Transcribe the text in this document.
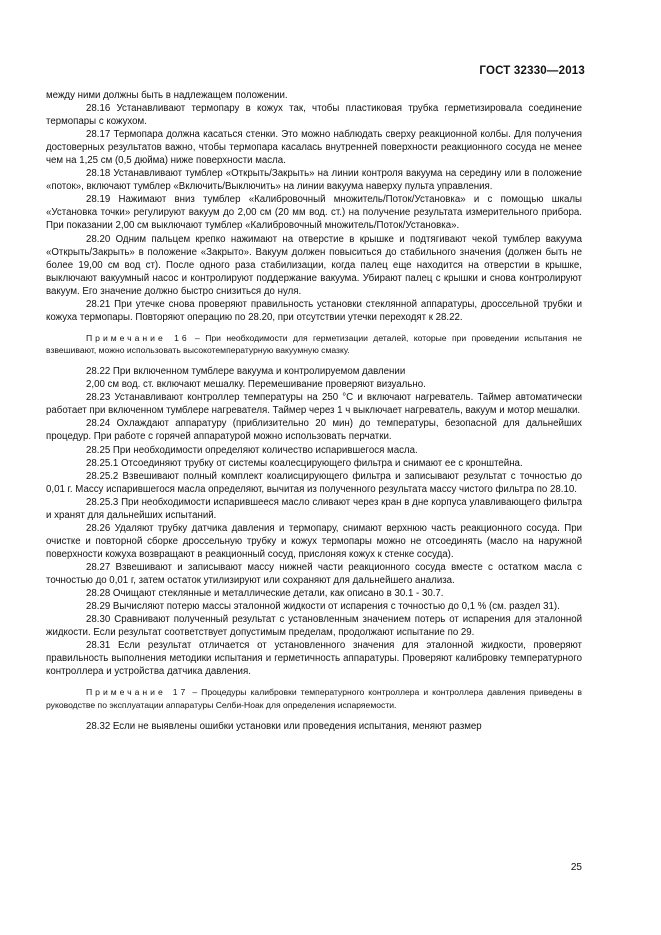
ГОСТ 32330—2013

между ними должны быть в надлежащем положении.

28.16 Устанавливают термопару в кожух так, чтобы пластиковая трубка герметизировала соединение термопары с кожухом.

28.17 Термопара должна касаться стенки. Это можно наблюдать сверху реакционной колбы. Для получения достоверных результатов важно, чтобы термопара касалась внутренней поверхности реакционного сосуда не менее чем на 1,25 см (0,5 дюйма) ниже поверхности масла.

28.18 Устанавливают тумблер «Открыть/Закрыть» на линии контроля вакуума на середину или в положение «поток», включают тумблер «Включить/Выключить» на линии вакуума наверху пульта управления.

28.19 Нажимают вниз тумблер «Калибровочный множитель/Поток/Установка» и с помощью шкалы «Установка точки» регулируют вакуум до 2,00 см (20 мм вод. ст.) на получение результата измерительного прибора. При показании 2,00 см выключают тумблер «Калибровочный множитель/Поток/Установка».

28.20 Одним пальцем крепко нажимают на отверстие в крышке и подтягивают чекой тумблер вакуума «Открыть/Закрыть» в положение «Закрыто». Вакуум должен повыситься до стабильного значения (должен быть не более 19,00 см вод ст). После одного раза стабилизации, когда палец еще находится на отверстии в крышке, выключают вакуумный насос и контролируют поддержание вакуума. Убирают палец с крышки и снова контролируют вакуум. Его значение должно быстро снизиться до нуля.

28.21 При утечке снова проверяют правильность установки стеклянной аппаратуры, дроссельной трубки и кожуха термопары. Повторяют операцию по 28.20, при отсутствии утечки переходят к 28.22.

Примечание 16 – При необходимости для герметизации деталей, которые при проведении испытания не взвешивают, можно использовать высокотемпературную вакуумную смазку.

28.22 При включенном тумблере вакуума и контролируемом давлении

2,00 см вод. ст. включают мешалку. Перемешивание проверяют визуально.

28.23 Устанавливают контроллер температуры на 250 °С и включают нагреватель. Таймер автоматически работает при включенном тумблере нагревателя. Таймер через 1 ч выключает нагреватель, вакуум и мотор мешалки.

28.24 Охлаждают аппаратуру (приблизительно 20 мин) до температуры, безопасной для дальнейших процедур. При работе с горячей аппаратурой можно использовать перчатки.

28.25 При необходимости определяют количество испарившегося масла.

28.25.1 Отсоединяют трубку от системы коалесцирующего фильтра и снимают ее с кронштейна.

28.25.2 Взвешивают полный комплект коалисцирующего фильтра и записывают результат с точностью до 0,01 г. Массу испарившегося масла определяют, вычитая из полученного результата массу чистого фильтра по 28.10.

28.25.3 При необходимости испарившееся масло сливают через кран в дне корпуса улавливающего фильтра и хранят для дальнейших испытаний.

28.26 Удаляют трубку датчика давления и термопару, снимают верхнюю часть реакционного сосуда. При очистке и повторной сборке дроссельную трубку и кожух термопары можно не отсоединять (масло на наружной поверхности кожуха возвращают в реакционный сосуд, прислоняя кожух к стенке сосуда).

28.27 Взвешивают и записывают массу нижней части реакционного сосуда вместе с остатком масла с точностью до 0,01 г, затем остаток утилизируют или сохраняют для дальнейшего анализа.

28.28 Очищают стеклянные и металлические детали, как описано в 30.1 - 30.7.

28.29 Вычисляют потерю массы эталонной жидкости от испарения с точностью до 0,1 % (см. раздел 31).

28.30 Сравнивают полученный результат с установленным значением потерь от испарения для эталонной жидкости. Если результат соответствует допустимым пределам, продолжают испытание по 29.

28.31 Если результат отличается от установленного значения для эталонной жидкости, проверяют правильность выполнения методики испытания и герметичность аппаратуры. Проверяют калибровку температурного контроллера и устройства датчика давления.

Примечание 17 – Процедуры калибровки температурного контроллера и контроллера давления приведены в руководстве по эксплуатации аппаратуры Селби-Ноак для определения испаряемости.

28.32 Если не выявлены ошибки установки или проведения испытания, меняют размер

25
